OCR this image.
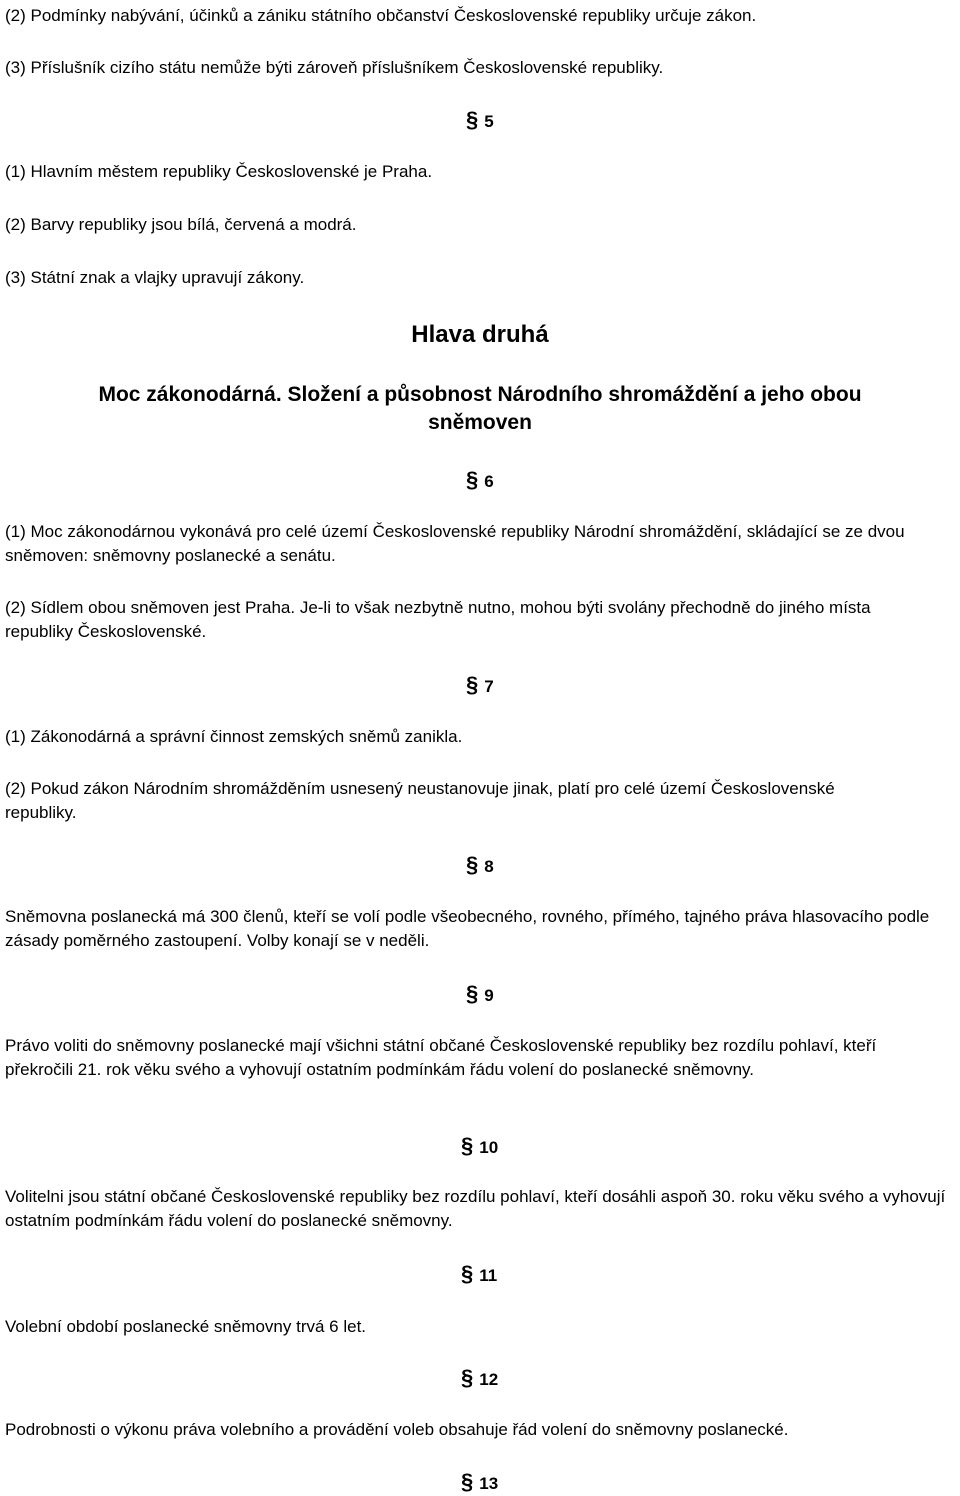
(2) Podmínky nabývání, účinků a zániku státního občanství Československé republiky určuje zákon.
(3) Příslušník cizího státu nemůže býti zároveň příslušníkem Československé republiky.
§ 5
(1) Hlavním městem republiky Československé je Praha.
(2) Barvy republiky jsou bílá, červená a modrá.
(3) Státní znak a vlajky upravují zákony.
Hlava druhá
Moc zákonodárná. Složení a působnost Národního shromáždění a jeho obou
sněmoven
§ 6
(1) Moc zákonodárnou vykonává pro celé území Československé republiky Národní shromáždění, skládající se ze dvou sněmoven: sněmovny poslanecké a senátu.
(2) Sídlem obou sněmoven jest Praha. Je-li to však nezbytně nutno, mohou býti svolány přechodně do jiného místa republiky Československé.
§ 7
(1) Zákonodárná a správní činnost zemských sněmů zanikla.
(2) Pokud zákon Národním shromážděním usnesený neustanovuje jinak, platí pro celé území Československé republiky.
§ 8
Sněmovna poslanecká má 300 členů, kteří se volí podle všeobecného, rovného, přímého, tajného práva hlasovacího podle zásady poměrného zastoupení. Volby konají se v neděli.
§ 9
Právo voliti do sněmovny poslanecké mají všichni státní občané Československé republiky bez rozdílu pohlaví, kteří překročili 21. rok věku svého a vyhovují ostatním podmínkám řádu volení do poslanecké sněmovny.
§ 10
Volitelni jsou státní občané Československé republiky bez rozdílu pohlaví, kteří dosáhli aspoň 30. roku věku svého a vyhovují ostatním podmínkám řádu volení do poslanecké sněmovny.
§ 11
Volební období poslanecké sněmovny trvá 6 let.
§ 12
Podrobnosti o výkonu práva volebního a provádění voleb obsahuje řád volení do sněmovny poslanecké.
§ 13
